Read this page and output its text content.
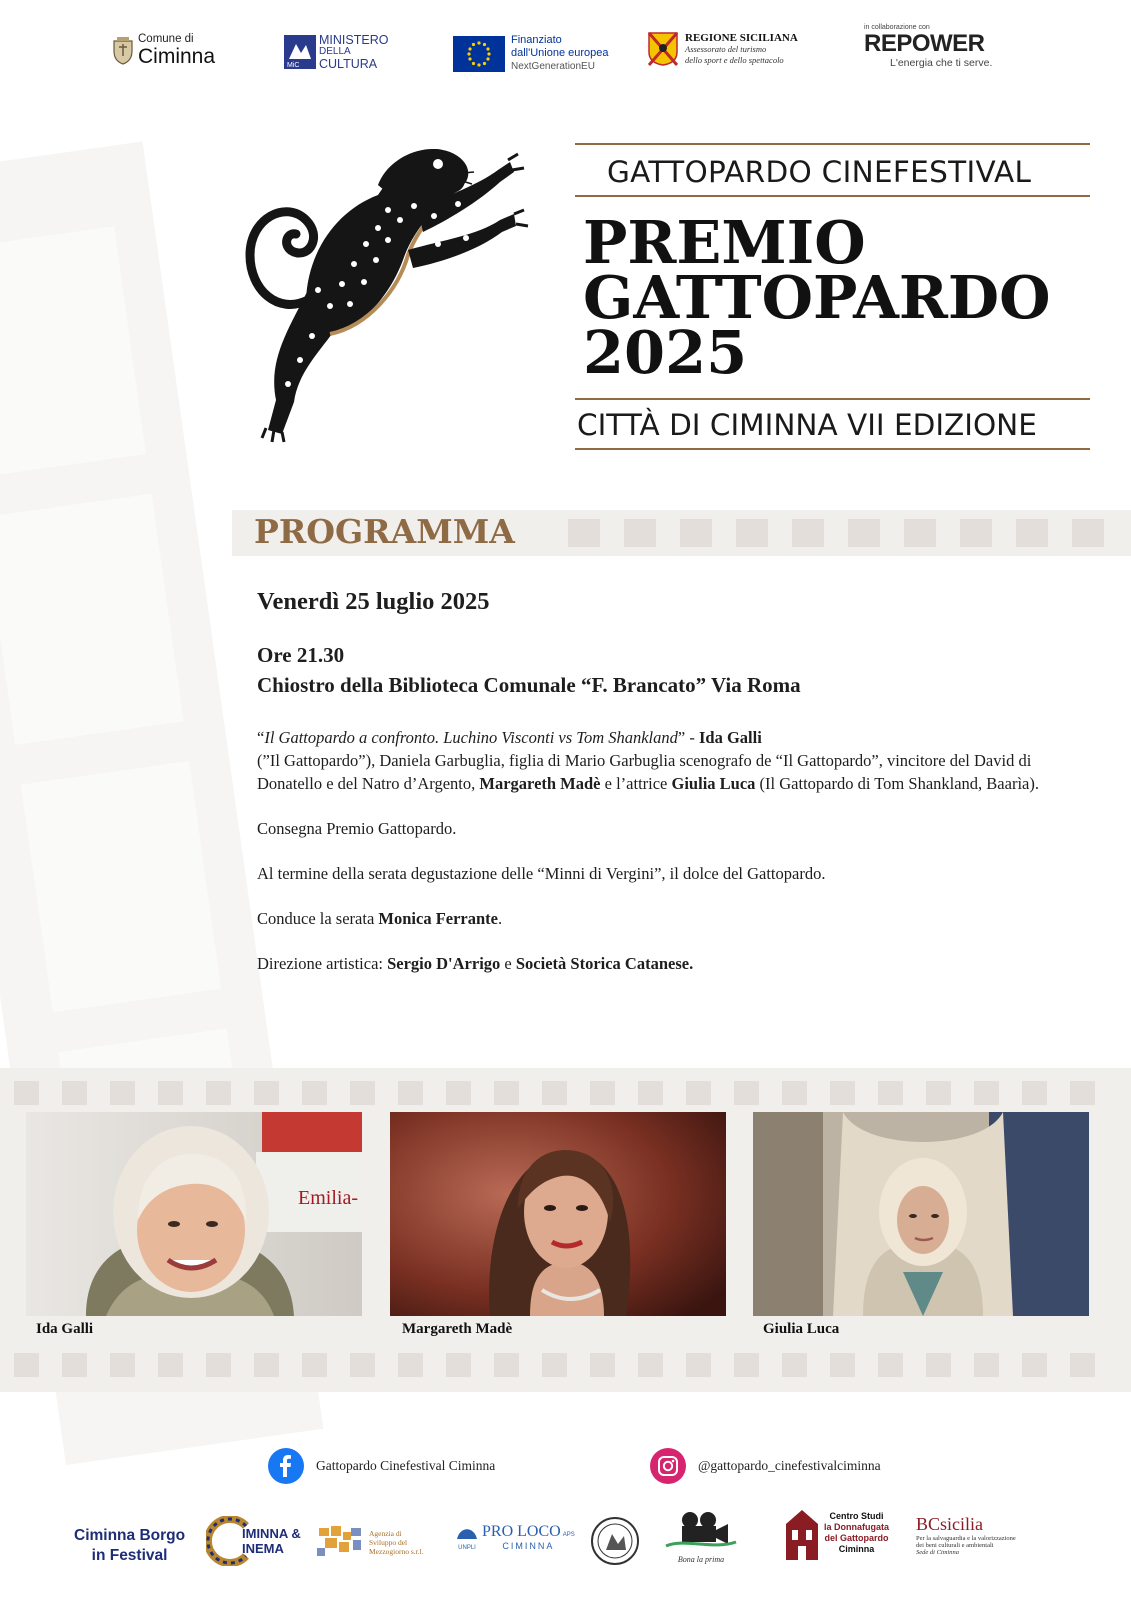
Comune di
Ciminna	MiC
MINISTERO
DELLA
CULTURA
Finanziato
dall'Unione europea
NextGenerationEU
REGIONE SICILIANA
Assessorato del turismo
dello sport e dello spettacolo
in collaborazione con
REPOWER
L'energia che ti serve.
GATTOPARDO CINEFESTIVAL
PREMIO
GATTOPARDO
2025
CITTÀ DI CIMINNA VII EDIZIONE
PROGRAMMA
Venerdì 25 luglio 2025
Ore 21.30
Chiostro della Biblioteca Comunale “F. Brancato” Via Roma
“Il Gattopardo a confronto. Luchino Visconti vs Tom Shankland” - Ida Galli
(”Il Gattopardo”), Daniela Garbuglia, figlia di Mario Garbuglia scenografo de “Il Gattopardo”, vincitore del David di Donatello e del Natro d’Argento, Margareth Madè e l’attrice Giulia Luca (Il Gattopardo di Tom Shankland, Baarìa).
Consegna Premio Gattopardo.
Al termine della serata degustazione delle “Minni di Vergini”, il dolce del Gattopardo.
Conduce la serata Monica Ferrante.
Direzione artistica: Sergio D'Arrigo e Società Storica Catanese.
Emilia-
Ida Galli	Margareth Madè	Giulia Luca
Gattopardo Cinefestival Ciminna	@gattopardo_cinefestivalciminna
Ciminna Borgo
in Festival
IMINNA &
INEMA
Agenzia di
Sviluppo del
Mezzogiorno s.r.l.	UNPLI
PRO LOCO APS
CIMINNA
Bona la prima
Centro Studi
la Donnafugata
del Gattopardo
Ciminna
BCsicilia
Per la salvaguardia e la valorizzazione
dei beni culturali e ambientali
Sede di Ciminna
